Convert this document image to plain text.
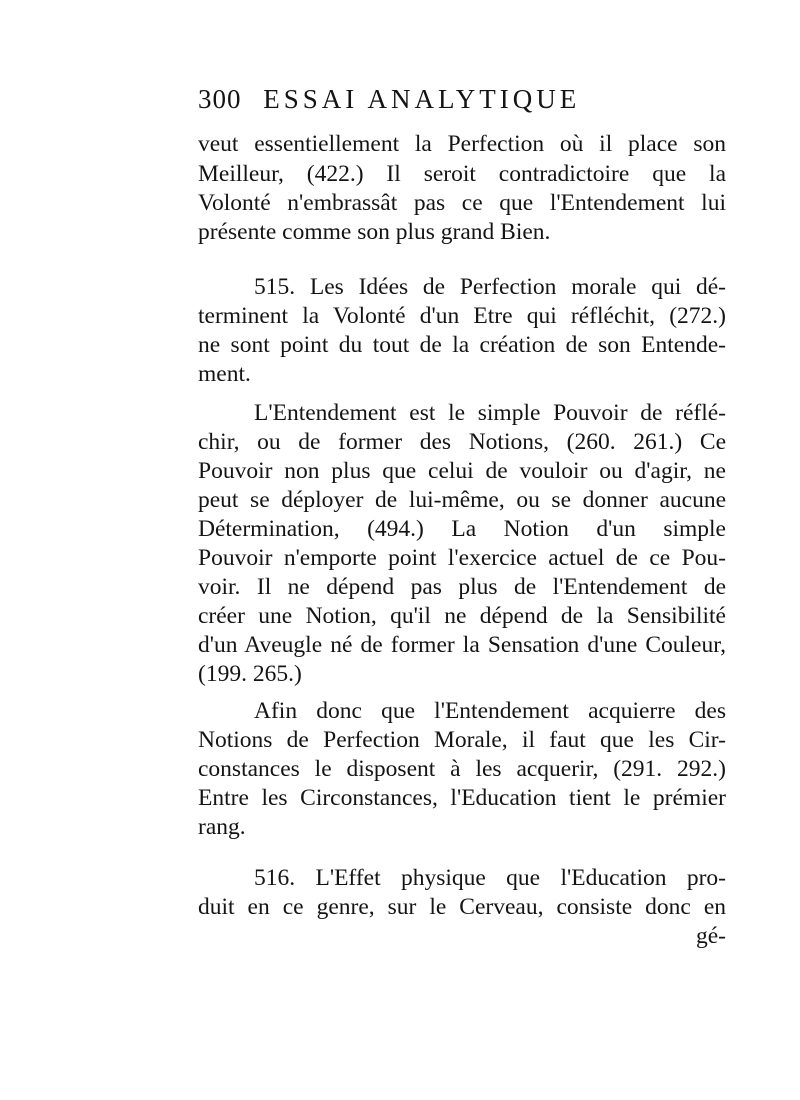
300 ESSAI ANALYTIQUE
veut essentiellement la Perfection où il place son
Meilleur, (422.) Il seroit contradictoire que la
Volonté n'embrassât pas ce que l'Entendement lui
présente comme son plus grand Bien.
515. Les Idées de Perfection morale qui dé-
terminent la Volonté d'un Etre qui réfléchit, (272.)
ne sont point du tout de la création de son Entende-
ment.
L'Entendement est le simple Pouvoir de réflé-
chir, ou de former des Notions, (260. 261.) Ce
Pouvoir non plus que celui de vouloir ou d'agir, ne
peut se déployer de lui-même, ou se donner aucune
Détermination, (494.) La Notion d'un simple
Pouvoir n'emporte point l'exercice actuel de ce Pou-
voir. Il ne dépend pas plus de l'Entendement de
créer une Notion, qu'il ne dépend de la Sensibilité
d'un Aveugle né de former la Sensation d'une Couleur,
(199. 265.)
Afin donc que l'Entendement acquierre des
Notions de Perfection Morale, il faut que les Cir-
constances le disposent à les acquerir, (291. 292.)
Entre les Circonstances, l'Education tient le prémier
rang.
516. L'Effet physique que l'Education pro-
duit en ce genre, sur le Cerveau, consiste donc en
gé-
